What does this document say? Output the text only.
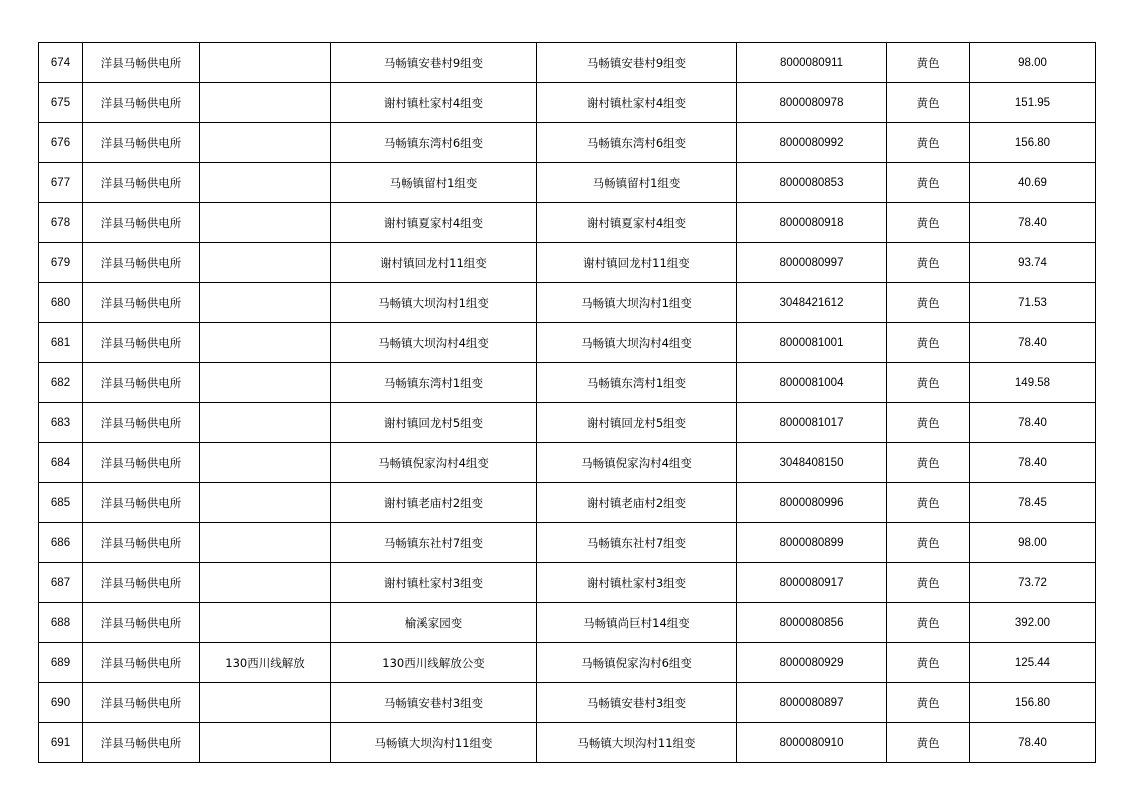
674	洋县马畅供电所		马畅镇安巷村9组变	马畅镇安巷村9组变	8000080911	黄色	98.00
675	洋县马畅供电所		谢村镇杜家村4组变	谢村镇杜家村4组变	8000080978	黄色	151.95
676	洋县马畅供电所		马畅镇东湾村6组变	马畅镇东湾村6组变	8000080992	黄色	156.80
677	洋县马畅供电所		马畅镇留村1组变	马畅镇留村1组变	8000080853	黄色	40.69
678	洋县马畅供电所		谢村镇夏家村4组变	谢村镇夏家村4组变	8000080918	黄色	78.40
679	洋县马畅供电所		谢村镇回龙村11组变	谢村镇回龙村11组变	8000080997	黄色	93.74
680	洋县马畅供电所		马畅镇大坝沟村1组变	马畅镇大坝沟村1组变	3048421612	黄色	71.53
681	洋县马畅供电所		马畅镇大坝沟村4组变	马畅镇大坝沟村4组变	8000081001	黄色	78.40
682	洋县马畅供电所		马畅镇东湾村1组变	马畅镇东湾村1组变	8000081004	黄色	149.58
683	洋县马畅供电所		谢村镇回龙村5组变	谢村镇回龙村5组变	8000081017	黄色	78.40
684	洋县马畅供电所		马畅镇倪家沟村4组变	马畅镇倪家沟村4组变	3048408150	黄色	78.40
685	洋县马畅供电所		谢村镇老庙村2组变	谢村镇老庙村2组变	8000080996	黄色	78.45
686	洋县马畅供电所		马畅镇东社村7组变	马畅镇东社村7组变	8000080899	黄色	98.00
687	洋县马畅供电所		谢村镇杜家村3组变	谢村镇杜家村3组变	8000080917	黄色	73.72
688	洋县马畅供电所		榆溪家园变	马畅镇尚巨村14组变	8000080856	黄色	392.00
689	洋县马畅供电所	130西川线解放	130西川线解放公变	马畅镇倪家沟村6组变	8000080929	黄色	125.44
690	洋县马畅供电所		马畅镇安巷村3组变	马畅镇安巷村3组变	8000080897	黄色	156.80
691	洋县马畅供电所		马畅镇大坝沟村11组变	马畅镇大坝沟村11组变	8000080910	黄色	78.40
